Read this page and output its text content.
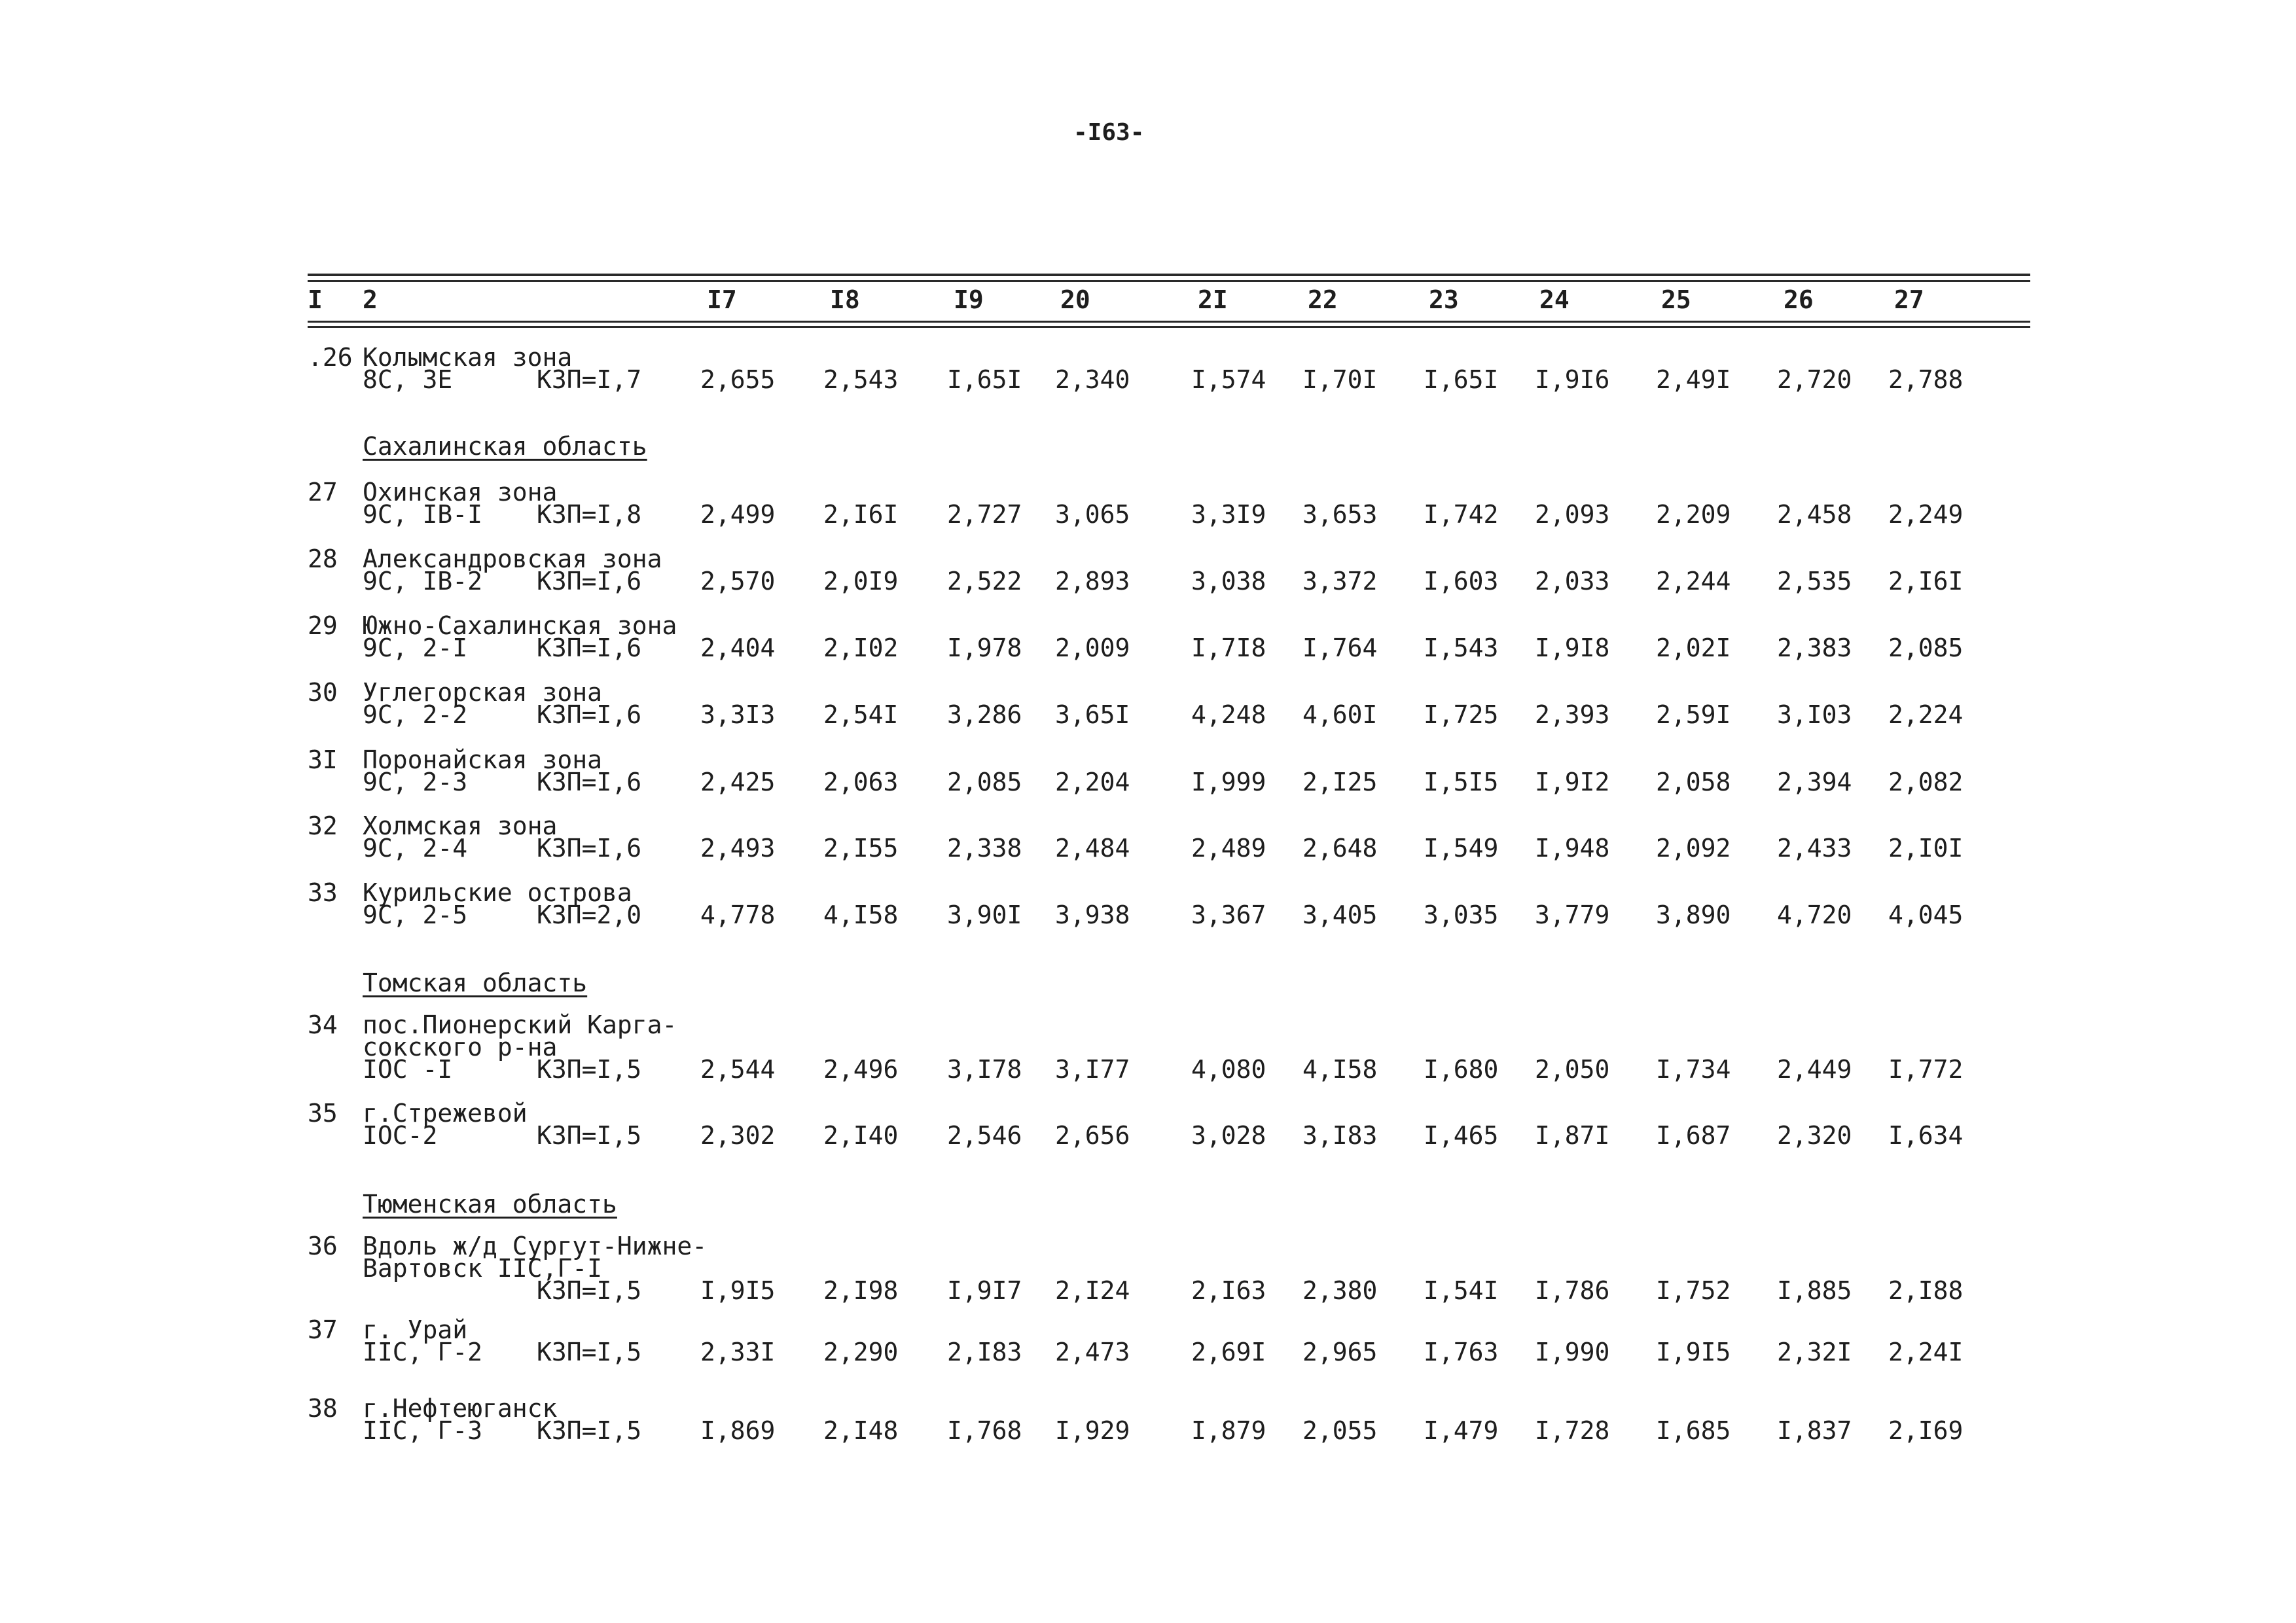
-I63-
I 2	I7	I8	I9	20	2I	22	23	24	25	26	27
Сахалинская область
Томская область
Тюменская область
.26 Колымская зона
8С, 3Е	КЗП=I,7 2,655 2,543 I,65I 2,340 I,574 I,70I I,65I I,9I6 2,49I 2,720 2,788
27 Охинская зона
9С, IВ-I КЗП=I,8 2,499 2,I6I 2,727 3,065 3,3I9 3,653 I,742 2,093 2,209 2,458 2,249
28 Александровская зона
9С, IВ-2 КЗП=I,6 2,570 2,0I9 2,522 2,893 3,038 3,372 I,603 2,033 2,244 2,535 2,I6I
29 Южно-Сахалинская зона
9С, 2-I	КЗП=I,6 2,404 2,I02 I,978 2,009 I,7I8 I,764 I,543 I,9I8 2,02I 2,383 2,085
30 Углегорская зона
9С, 2-2	КЗП=I,6 3,3I3 2,54I 3,286 3,65I 4,248 4,60I I,725 2,393 2,59I 3,I03 2,224
3I Поронайская зона
9С, 2-3	КЗП=I,6 2,425 2,063 2,085 2,204 I,999 2,I25 I,5I5 I,9I2 2,058 2,394 2,082
32 Холмская зона
9С, 2-4	КЗП=I,6 2,493 2,I55 2,338 2,484 2,489 2,648 I,549 I,948 2,092 2,433 2,I0I
33 Курильские острова
9С, 2-5	КЗП=2,0 4,778 4,I58 3,90I 3,938 3,367 3,405 3,035 3,779 3,890 4,720 4,045
34 пос.Пионерский Карга-
сокского р-на
IOC -I	КЗП=I,5 2,544 2,496 3,I78 3,I77 4,080 4,I58 I,680 2,050 I,734 2,449 I,772
35 г.Стрежевой
IOC-2	КЗП=I,5 2,302 2,I40 2,546 2,656 3,028 3,I83 I,465 I,87I I,687 2,320 I,634
36 Вдоль ж/д Сургут-Нижне-
Вартовск IIС,Г-I
КЗП=I,5 I,9I5 2,I98 I,9I7 2,I24 2,I63 2,380 I,54I I,786 I,752 I,885 2,I88
37 г. Урай
IIС, Г-2 КЗП=I,5 2,33I 2,290 2,I83 2,473 2,69I 2,965 I,763 I,990 I,9I5 2,32I 2,24I
38 г.Нефтеюганск
IIС, Г-3 КЗП=I,5 I,869 2,I48 I,768 I,929 I,879 2,055 I,479 I,728 I,685 I,837 2,I69
